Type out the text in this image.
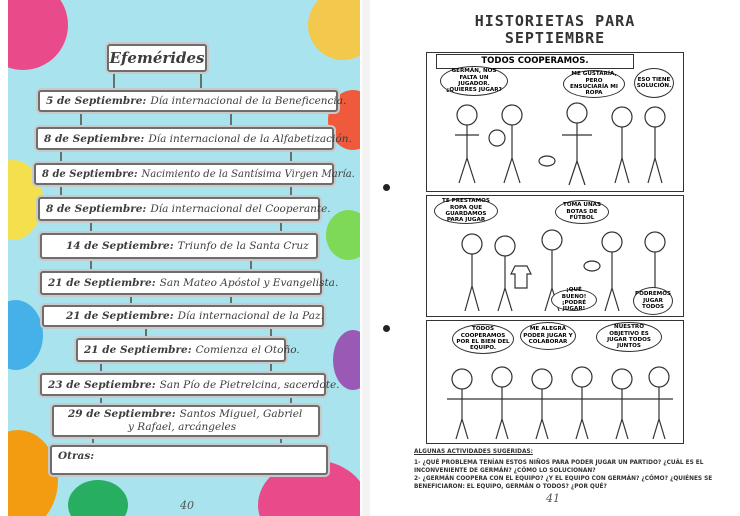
Efemérides
5 de Septiembre: Día internacional de la Beneficencia.
8 de Septiembre: Día internacional de la Alfabetización.
8 de Septiembre: Nacimiento de la Santísima Virgen María.
8 de Septiembre: Día internacional del Cooperante.
14 de Septiembre: Triunfo de la Santa Cruz
21 de Septiembre: San Mateo Apóstol y Evangelista.
21 de Septiembre: Día internacional de la Paz.
21 de Septiembre: Comienza el Otoño.
23 de Septiembre: San Pío de Pietrelcina, sacerdote.
29 de Septiembre: Santos Miguel, Gabriel
y Rafael, arcángeles
Otras:
40
HISTORIETAS PARA
SEPTIEMBRE
TODOS COOPERAMOS.
GERMÁN, NOS FALTA UN JUGADOR. ¿QUIERES JUGAR?
ME GUSTARÍA, PERO ENSUCIARÍA MI ROPA
ESO TIENE SOLUCIÓN.
TE PRESTAMOS ROPA QUE GUARDAMOS PARA JUGAR
TOMA UNAS BOTAS DE FÚTBOL
¡QUÉ BUENO! ¡PODRÉ JUGAR!
PODREMOS JUGAR TODOS
TODOS COOPERAMOS POR EL BIEN DEL EQUIPO.
ME ALEGRA PODER JUGAR Y COLABORAR
NUESTRO OBJETIVO ES JUGAR TODOS JUNTOS
ALGUNAS ACTIVIDADES SUGERIDAS:
1- ¿QUÉ PROBLEMA TENÍAN ESTOS NIÑOS PARA PODER JUGAR UN PARTIDO? ¿CUÁL ES EL INCONVENIENTE DE GERMÁN? ¿CÓMO LO SOLUCIONAN?
2- ¿GERMÁN COOPERA CON EL EQUIPO? ¿Y EL EQUIPO CON GERMÁN? ¿CÓMO? ¿QUIÉNES SE BENEFICIARON: EL EQUIPO, GERMÁN O TODOS? ¿POR QUÉ?
41
